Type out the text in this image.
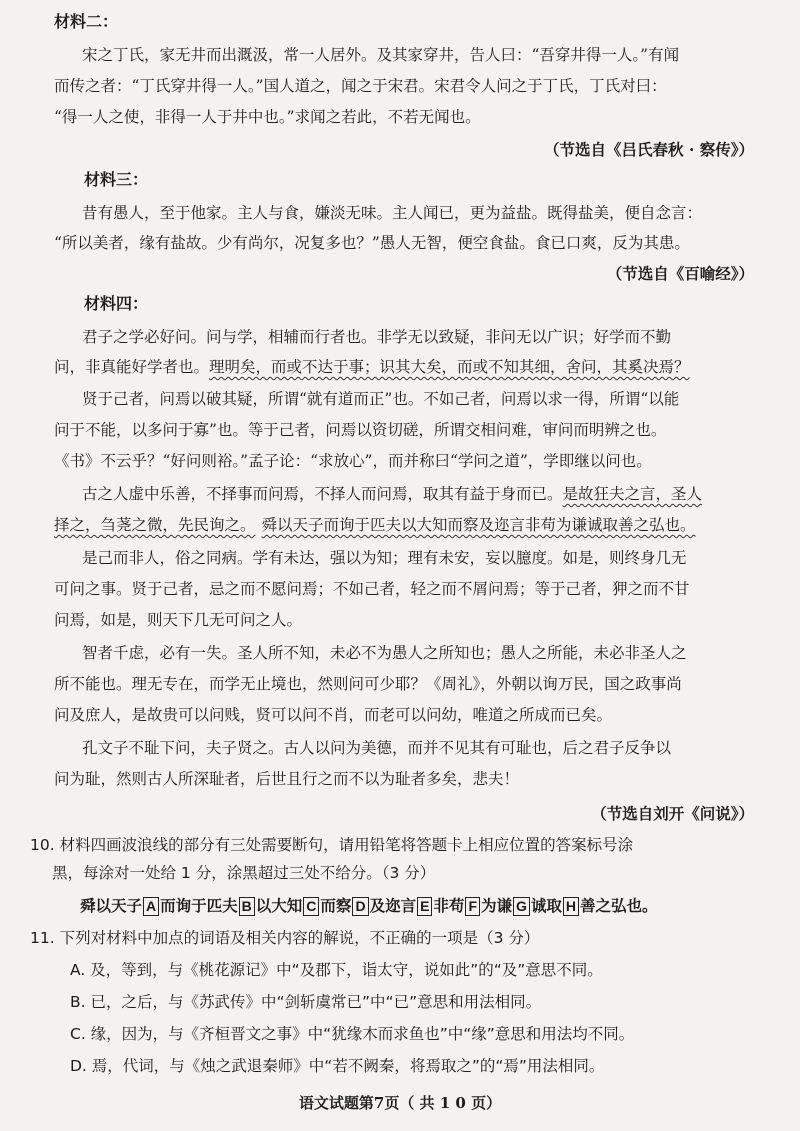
材料二：
宋之丁氏，家无井而出溉汲，常一人居外。及其家穿井，告人曰：“吾穿井得一人。”有闻
而传之者：“丁氏穿井得一人。”国人道之，闻之于宋君。宋君令人问之于丁氏，丁氏对曰：
“得一人之使，非得一人于井中也。”求闻之若此，不若无闻也。
（节选自《吕氏春秋 · 察传》）
材料三：
昔有愚人，至于他家。主人与食，嫌淡无味。主人闻已，更为益盐。既得盐美，便自念言：
“所以美者，缘有盐故。少有尚尔，况复多也？”愚人无智，便空食盐。食已口爽，反为其患。
（节选自《百喻经》）
材料四：
君子之学必好问。问与学，相辅而行者也。非学无以致疑，非问无以广识；好学而不勤
问，非真能好学者也。理明矣，而或不达于事；识其大矣，而或不知其细，舍问，其奚决焉？
贤于己者，问焉以破其疑，所谓“就有道而正”也。不如己者，问焉以求一得，所谓“以能
问于不能，以多问于寡”也。等于己者，问焉以资切磋，所谓交相问难，审问而明辨之也。
《书》不云乎？“好问则裕。”孟子论：“求放心”，而并称曰“学问之道”，学即继以问也。
古之人虚中乐善，不择事而问焉，不择人而问焉，取其有益于身而已。是故狂夫之言，圣人
择之，刍荛之微，先民询之。 舜以天子而询于匹夫以大知而察及迩言非苟为谦诚取善之弘也。
是己而非人，俗之同病。学有未达，强以为知；理有未安，妄以臆度。如是，则终身几无
可问之事。贤于己者，忌之而不愿问焉；不如己者，轻之而不屑问焉；等于己者，狎之而不甘
问焉，如是，则天下几无可问之人。
智者千虑，必有一失。圣人所不知，未必不为愚人之所知也；愚人之所能，未必非圣人之
所不能也。理无专在，而学无止境也，然则问可少耶？《周礼》，外朝以询万民，国之政事尚
问及庶人，是故贵可以问贱，贤可以问不肖，而老可以问幼，唯道之所成而已矣。
孔文子不耻下问，夫子贤之。古人以问为美德，而并不见其有可耻也，后之君子反争以
问为耻，然则古人所深耻者，后世且行之而不以为耻者多矣，悲夫！
（节选自刘开《问说》）
10. 材料四画波浪线的部分有三处需要断句，请用铅笔将答题卡上相应位置的答案标号涂
黑，每涂对一处给 1 分，涂黑超过三处不给分。（3 分）
舜以天子 A 而询于匹夫 B 以大知 C 而察 D 及迩言 E 非苟 F 为谦 G 诚取 H 善之弘也。
11. 下列对材料中加点的词语及相关内容的解说，不正确的一项是（3 分）
A. 及，等到，与《桃花源记》中“及郡下，诣太守，说如此”的“及”意思不同。
B. 已，之后，与《苏武传》中“剑斩虞常已”中“已”意思和用法相同。
C. 缘，因为，与《齐桓晋文之事》中“犹缘木而求鱼也”中“缘”意思和用法均不同。
D. 焉，代词，与《烛之武退秦师》中“若不阙秦，将焉取之”的“焉”用法相同。
语文试题第7页（ 共 1 0 页）
